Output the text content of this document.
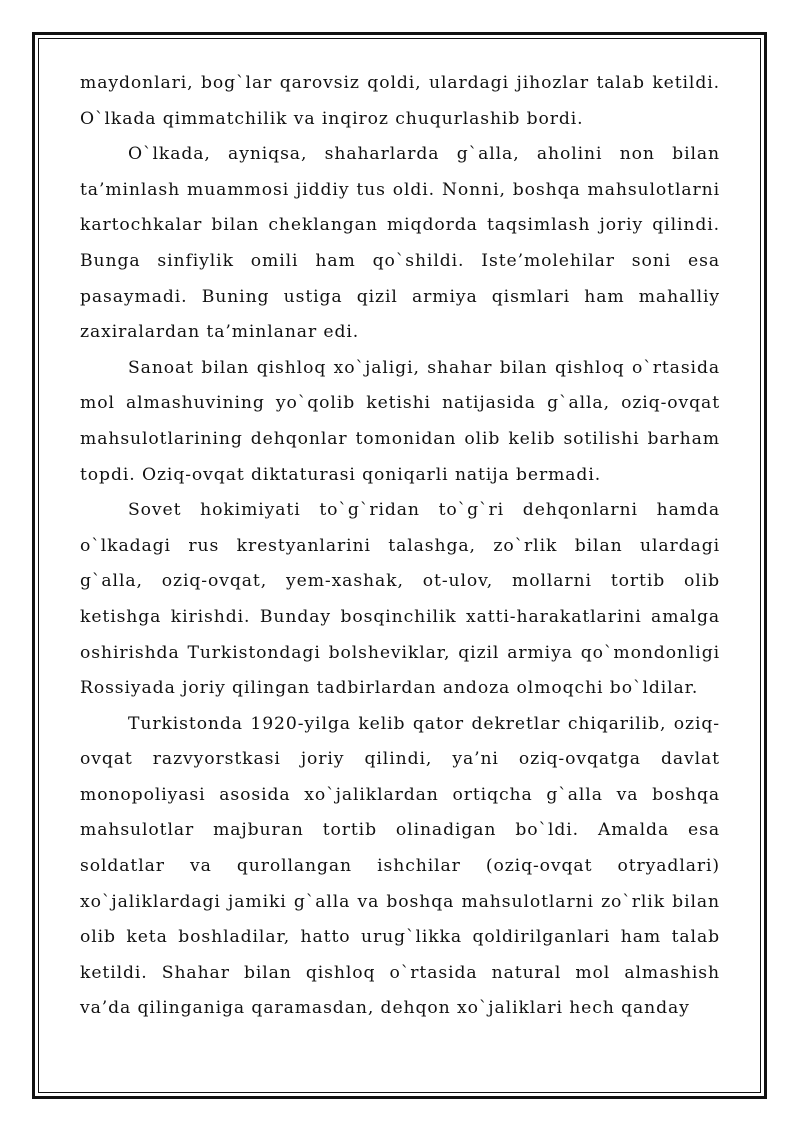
maydonlari, bog`lar qarovsiz qoldi, ulardagi jihozlar talab ketildi. O`lkada qimmatchilik va inqiroz chuqurlashib bordi.

O`lkada, ayniqsa, shaharlarda g`alla, aholini non bilan ta’minlash muammosi jiddiy tus oldi. Nonni, boshqa mahsulotlarni kartochkalar bilan cheklangan miqdorda taqsimlash joriy qilindi. Bunga sinfiylik omili ham qo`shildi. Iste’molehilar soni esa pasaymadi. Buning ustiga qizil armiya qismlari ham mahalliy zaxiralardan ta’minlanar edi.

Sanoat bilan qishloq xo`jaligi, shahar bilan qishloq o`rtasida mol almashuvining yo`qolib ketishi natijasida g`alla, oziq-ovqat mahsulotlarining dehqonlar tomonidan olib kelib sotilishi barham topdi. Oziq-ovqat diktaturasi qoniqarli natija bermadi.

Sovet hokimiyati to`g`ridan to`g`ri dehqonlarni hamda o`lkadagi rus krestyanlarini talashga, zo`rlik bilan ulardagi g`alla, oziq-ovqat, yem-xashak, ot-ulov, mollarni tortib olib ketishga kirishdi. Bunday bosqinchilik xatti-harakatlarini amalga oshirishda Turkistondagi bolsheviklar, qizil armiya qo`mondonligi Rossiyada joriy qilingan tadbirlardan andoza olmoqchi bo`ldilar.

Turkistonda 1920-yilga kelib qator dekretlar chiqarilib, oziq-ovqat razvyorstkasi joriy qilindi, ya’ni oziq-ovqatga davlat monopoliyasi asosida xo`jaliklardan ortiqcha g`alla va boshqa mahsulotlar majburan tortib olinadigan bo`ldi. Amalda esa soldatlar va qurollangan ishchilar (oziq-ovqat otryadlari) xo`jaliklardagi jamiki g`alla va boshqa mahsulotlarni zo`rlik bilan olib keta boshladilar, hatto urug`likka qoldirilganlari ham talab ketildi. Shahar bilan qishloq o`rtasida natural mol almashish va’da qilinganiga qaramasdan, dehqon xo`jaliklari hech qanday
